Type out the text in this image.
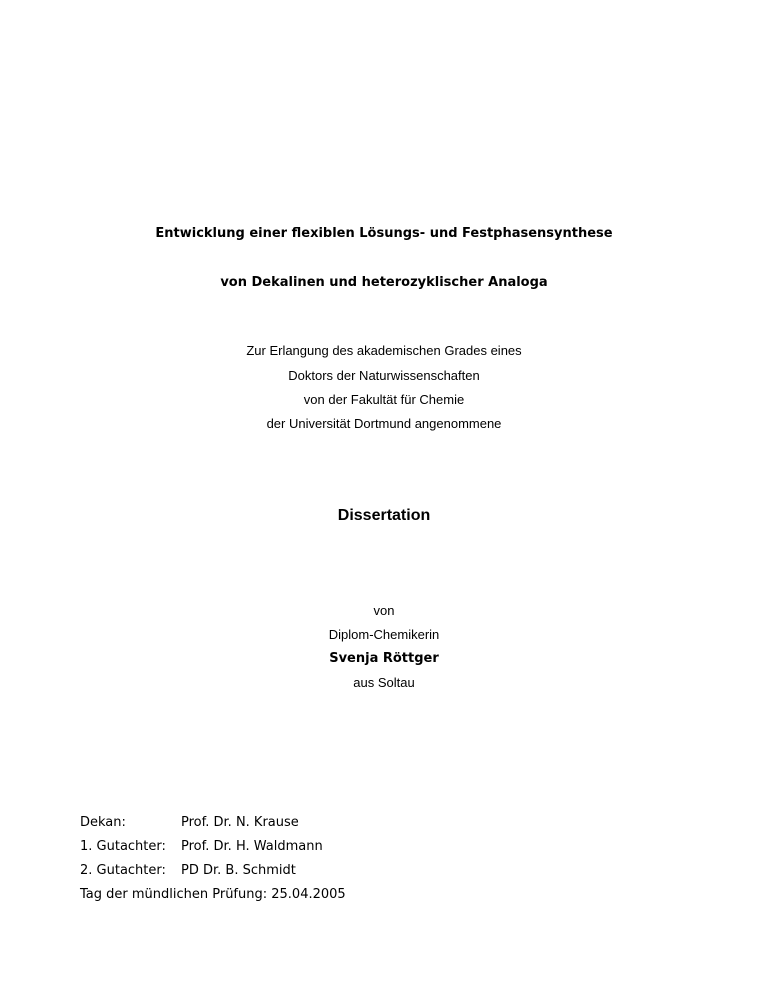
Entwicklung einer flexiblen Lösungs- und Festphasensynthese
von Dekalinen und heterozyklischer Analoga
Zur Erlangung des akademischen Grades eines
Doktors der Naturwissenschaften
von der Fakultät für Chemie
der Universität Dortmund angenommene
Dissertation
von
Diplom-Chemikerin
Svenja Röttger
aus Soltau
Dekan:	Prof. Dr. N. Krause
1. Gutachter: Prof. Dr. H. Waldmann
2. Gutachter: PD Dr. B. Schmidt
Tag der mündlichen Prüfung: 25.04.2005
